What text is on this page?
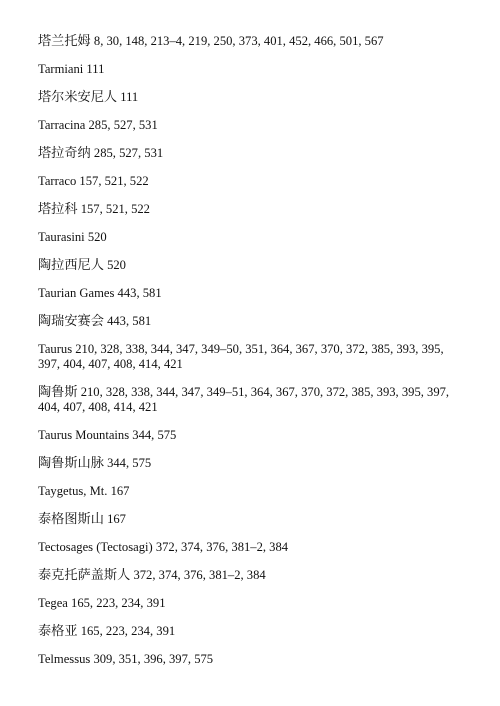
塔兰托姆 8, 30, 148, 213–4, 219, 250, 373, 401, 452, 466, 501, 567
Tarmiani 111
塔尔米安尼人 111
Tarracina 285, 527, 531
塔拉奇纳 285, 527, 531
Tarraco 157, 521, 522
塔拉科 157, 521, 522
Taurasini 520
陶拉西尼人 520
Taurian Games 443, 581
陶瑞安赛会 443, 581
Taurus 210, 328, 338, 344, 347, 349–50, 351, 364, 367, 370, 372, 385, 393, 395, 397, 404, 407, 408, 414, 421
陶鲁斯 210, 328, 338, 344, 347, 349–51, 364, 367, 370, 372, 385, 393, 395, 397, 404, 407, 408, 414, 421
Taurus Mountains 344, 575
陶鲁斯山脉 344, 575
Taygetus, Mt. 167
泰格图斯山 167
Tectosages (Tectosagi) 372, 374, 376, 381–2, 384
泰克托萨盖斯人 372, 374, 376, 381–2, 384
Tegea 165, 223, 234, 391
泰格亚 165, 223, 234, 391
Telmessus 309, 351, 396, 397, 575
